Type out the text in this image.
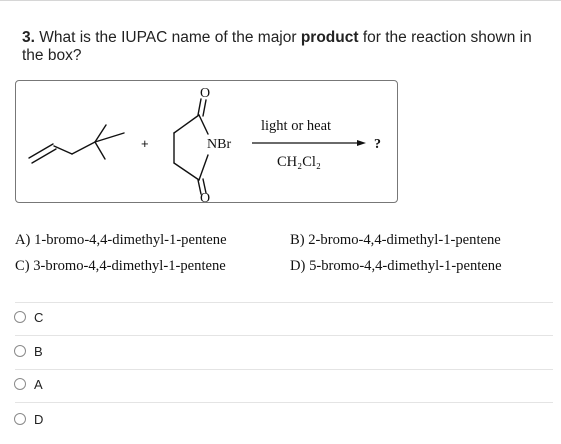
3. What is the IUPAC name of the major product for the reaction shown in the box?
+
O
O
NBr
light or heat
CH₂Cl₂
?
A) 1-bromo-4,4-dimethyl-1-pentene	B) 2-bromo-4,4-dimethyl-1-pentene
C) 3-bromo-4,4-dimethyl-1-pentene	D) 5-bromo-4,4-dimethyl-1-pentene
C
B
A
D
